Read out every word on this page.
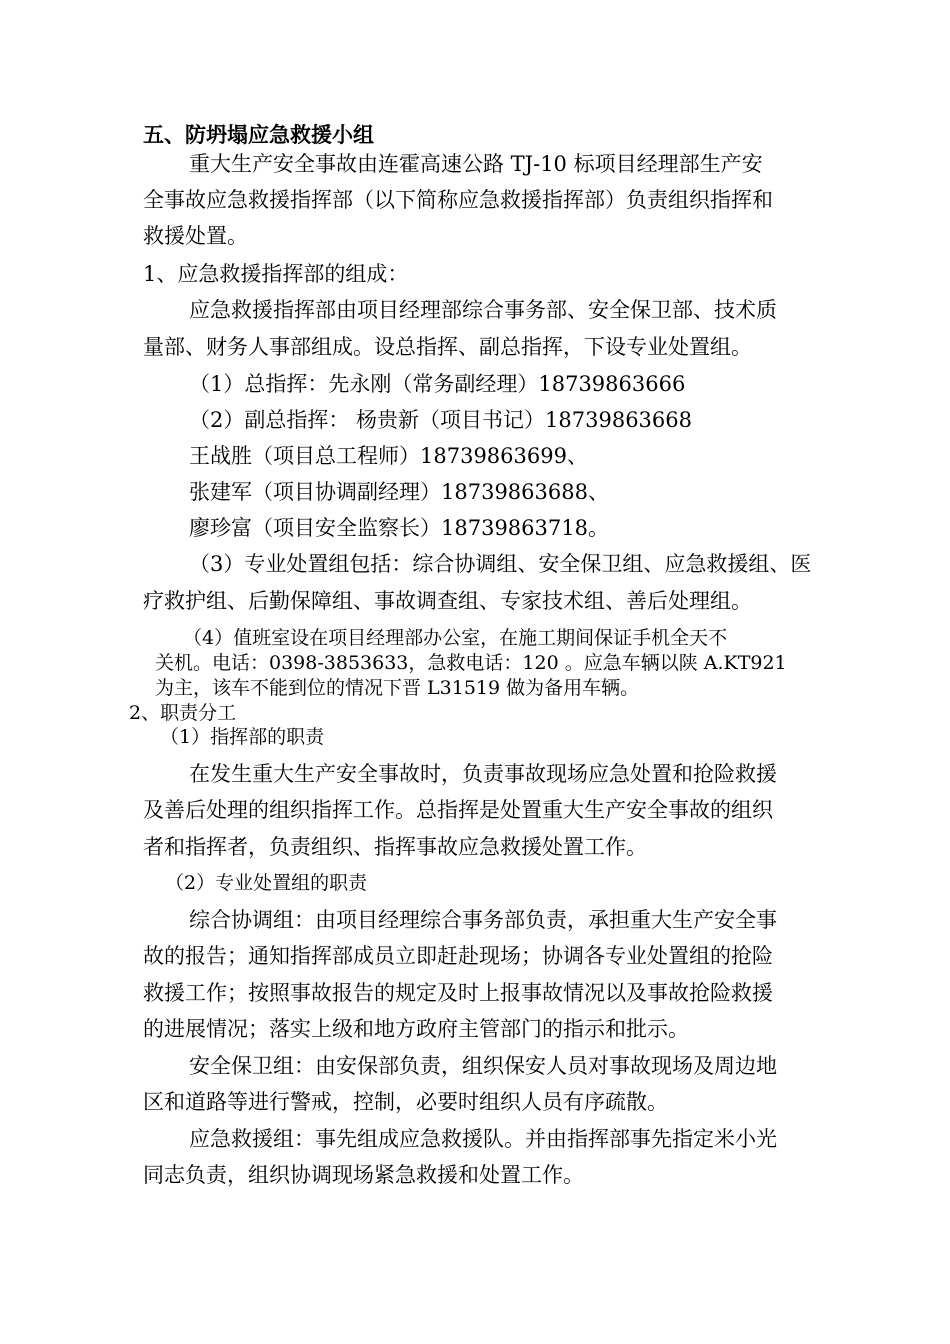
五、防坍塌应急救援小组
重大生产安全事故由连霍高速公路 TJ-10 标项目经理部生产安
全事故应急救援指挥部（以下简称应急救援指挥部）负责组织指挥和
救援处置。
1、应急救援指挥部的组成：
应急救援指挥部由项目经理部综合事务部、安全保卫部、技术质
量部、财务人事部组成。设总指挥、副总指挥，下设专业处置组。
（1）总指挥：先永刚（常务副经理）18739863666
（2）副总指挥： 杨贵新（项目书记）18739863668
王战胜（项目总工程师）18739863699、
张建军（项目协调副经理）18739863688、
廖珍富（项目安全监察长）18739863718。
（3）专业处置组包括：综合协调组、安全保卫组、应急救援组、医
疗救护组、后勤保障组、事故调查组、专家技术组、善后处理组。
（4）值班室设在项目经理部办公室，在施工期间保证手机全天不
关机。电话：0398-3853633，急救电话：120 。应急车辆以陕 A.KT921
为主，该车不能到位的情况下晋 L31519 做为备用车辆。
2、职责分工
（1）指挥部的职责
在发生重大生产安全事故时，负责事故现场应急处置和抢险救援
及善后处理的组织指挥工作。总指挥是处置重大生产安全事故的组织
者和指挥者，负责组织、指挥事故应急救援处置工作。
（2）专业处置组的职责
综合协调组：由项目经理综合事务部负责，承担重大生产安全事
故的报告；通知指挥部成员立即赶赴现场；协调各专业处置组的抢险
救援工作；按照事故报告的规定及时上报事故情况以及事故抢险救援
的进展情况；落实上级和地方政府主管部门的指示和批示。
安全保卫组：由安保部负责，组织保安人员对事故现场及周边地
区和道路等进行警戒，控制，必要时组织人员有序疏散。
应急救援组：事先组成应急救援队。并由指挥部事先指定米小光
同志负责，组织协调现场紧急救援和处置工作。
